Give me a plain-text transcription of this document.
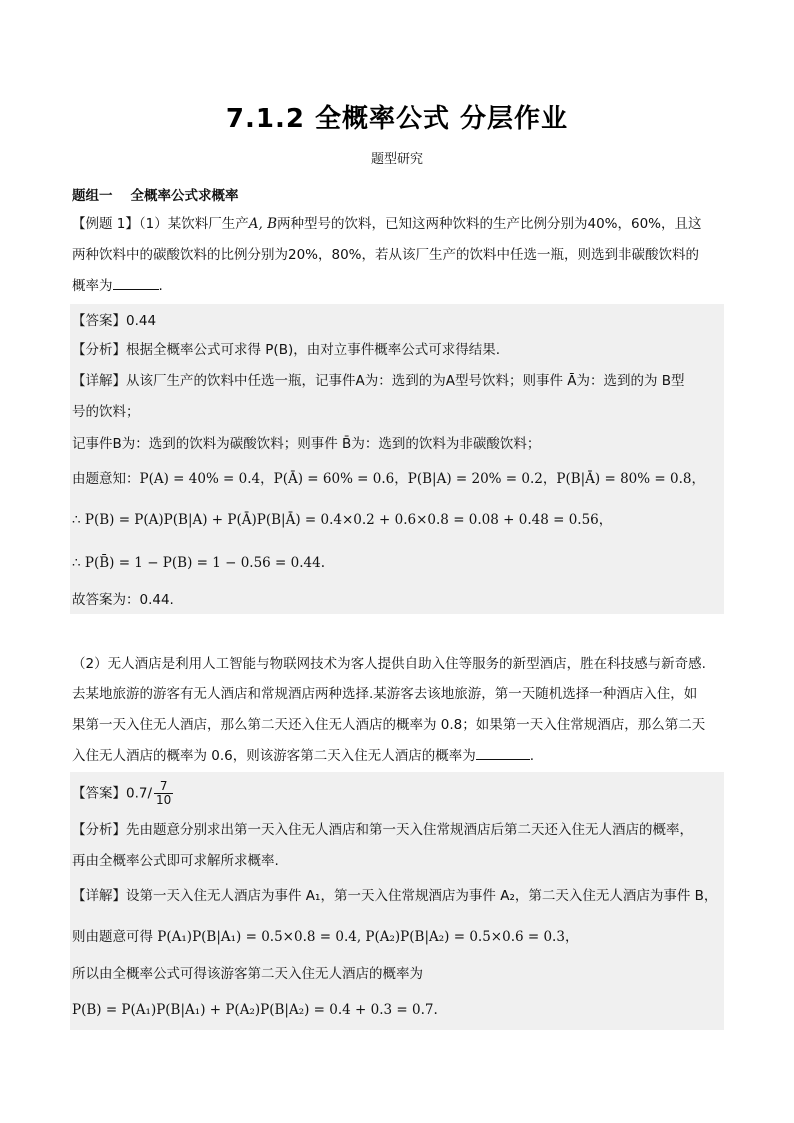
7.1.2 全概率公式 分层作业
题型研究
题组一 全概率公式求概率
【例题 1】（1）某饮料厂生产A, B两种型号的饮料，已知这两种饮料的生产比例分别为40%，60%，且这
两种饮料中的碳酸饮料的比例分别为20%，80%，若从该厂生产的饮料中任选一瓶，则选到非碳酸饮料的
概率为	.
【答案】0.44
【分析】根据全概率公式可求得 P(B)，由对立事件概率公式可求得结果.
【详解】从该厂生产的饮料中任选一瓶，记事件A为：选到的为A型号饮料；则事件 Ā为：选到的为 B型
号的饮料；
记事件B为：选到的饮料为碳酸饮料；则事件 B̄为：选到的饮料为非碳酸饮料；
由题意知：P(A) = 40% = 0.4，P(Ā) = 60% = 0.6，P(B|A) = 20% = 0.2，P(B|Ā) = 80% = 0.8，
∴ P(B) = P(A)P(B|A) + P(Ā)P(B|Ā) = 0.4×0.2 + 0.6×0.8 = 0.08 + 0.48 = 0.56，
∴ P(B̄) = 1 − P(B) = 1 − 0.56 = 0.44.
故答案为：0.44.
（2）无人酒店是利用人工智能与物联网技术为客人提供自助入住等服务的新型酒店，胜在科技感与新奇感.
去某地旅游的游客有无人酒店和常规酒店两种选择.某游客去该地旅游，第一天随机选择一种酒店入住，如
果第一天入住无人酒店，那么第二天还入住无人酒店的概率为 0.8；如果第一天入住常规酒店，那么第二天
入住无人酒店的概率为 0.6，则该游客第二天入住无人酒店的概率为	.
【答案】$0.7/ \frac{7}{10}$
【分析】先由题意分别求出第一天入住无人酒店和第一天入住常规酒店后第二天还入住无人酒店的概率，
再由全概率公式即可求解所求概率.
【详解】设第一天入住无人酒店为事件 A₁，第一天入住常规酒店为事件 A₂，第二天入住无人酒店为事件 B，
则由题意可得 P(A₁)P(B|A₁) = 0.5×0.8 = 0.4, P(A₂)P(B|A₂) = 0.5×0.6 = 0.3，
所以由全概率公式可得该游客第二天入住无人酒店的概率为
P(B) = P(A₁)P(B|A₁) + P(A₂)P(B|A₂) = 0.4 + 0.3 = 0.7.
